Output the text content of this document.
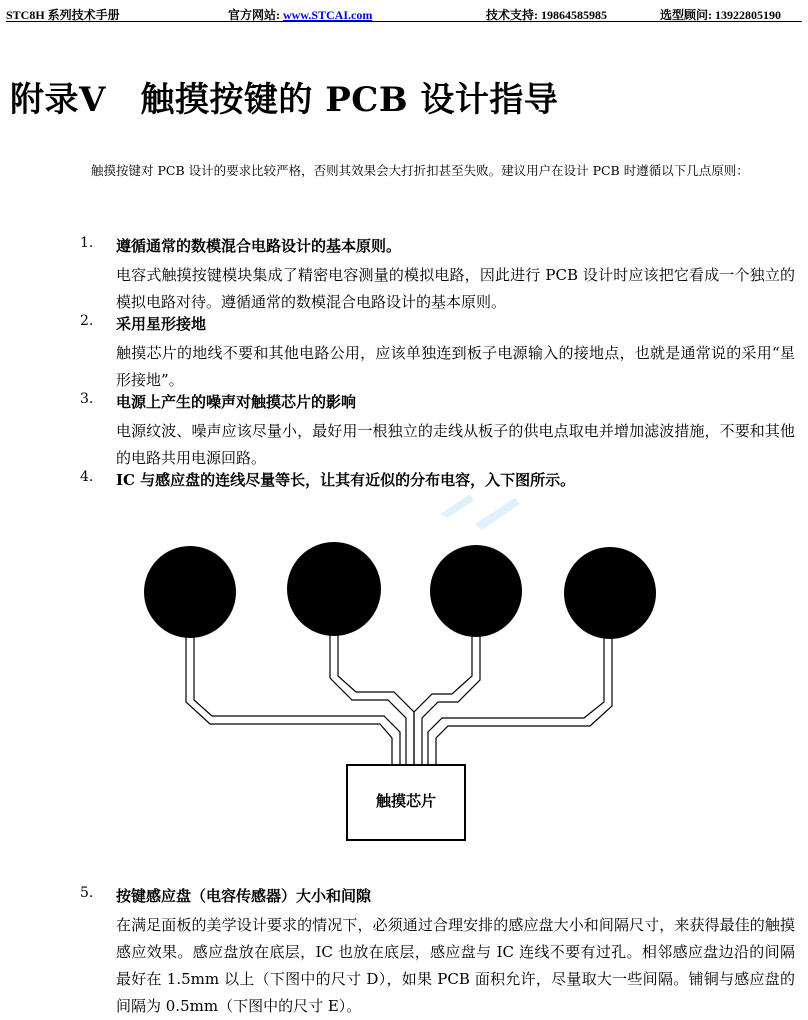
STC8H 系列技术手册	官方网站: www.STCAI.com	技术支持: 19864585985	选型顾问: 13922805190
附录V　触摸按键的 PCB 设计指导
触摸按键对 PCB 设计的要求比较严格，否则其效果会大打折扣甚至失败。建议用户在设计 PCB 时遵循以下几点原则：
1. 遵循通常的数模混合电路设计的基本原则。
电容式触摸按键模块集成了精密电容测量的模拟电路，因此进行 PCB 设计时应该把它看成一个独立的模拟电路对待。遵循通常的数模混合电路设计的基本原则。
2. 采用星形接地
触摸芯片的地线不要和其他电路公用，应该单独连到板子电源输入的接地点，也就是通常说的采用“星形接地”。
3. 电源上产生的噪声对触摸芯片的影响
电源纹波、噪声应该尽量小，最好用一根独立的走线从板子的供电点取电并增加滤波措施，不要和其他的电路共用电源回路。
4. IC 与感应盘的连线尽量等长，让其有近似的分布电容，入下图所示。
触摸芯片
5. 按键感应盘（电容传感器）大小和间隙
在满足面板的美学设计要求的情况下，必须通过合理安排的感应盘大小和间隔尺寸，来获得最佳的触摸感应效果。感应盘放在底层，IC 也放在底层，感应盘与 IC 连线不要有过孔。相邻感应盘边沿的间隔最好在 1.5mm 以上（下图中的尺寸 D），如果 PCB 面积允许，尽量取大一些间隔。铺铜与感应盘的间隔为 0.5mm（下图中的尺寸 E）。
